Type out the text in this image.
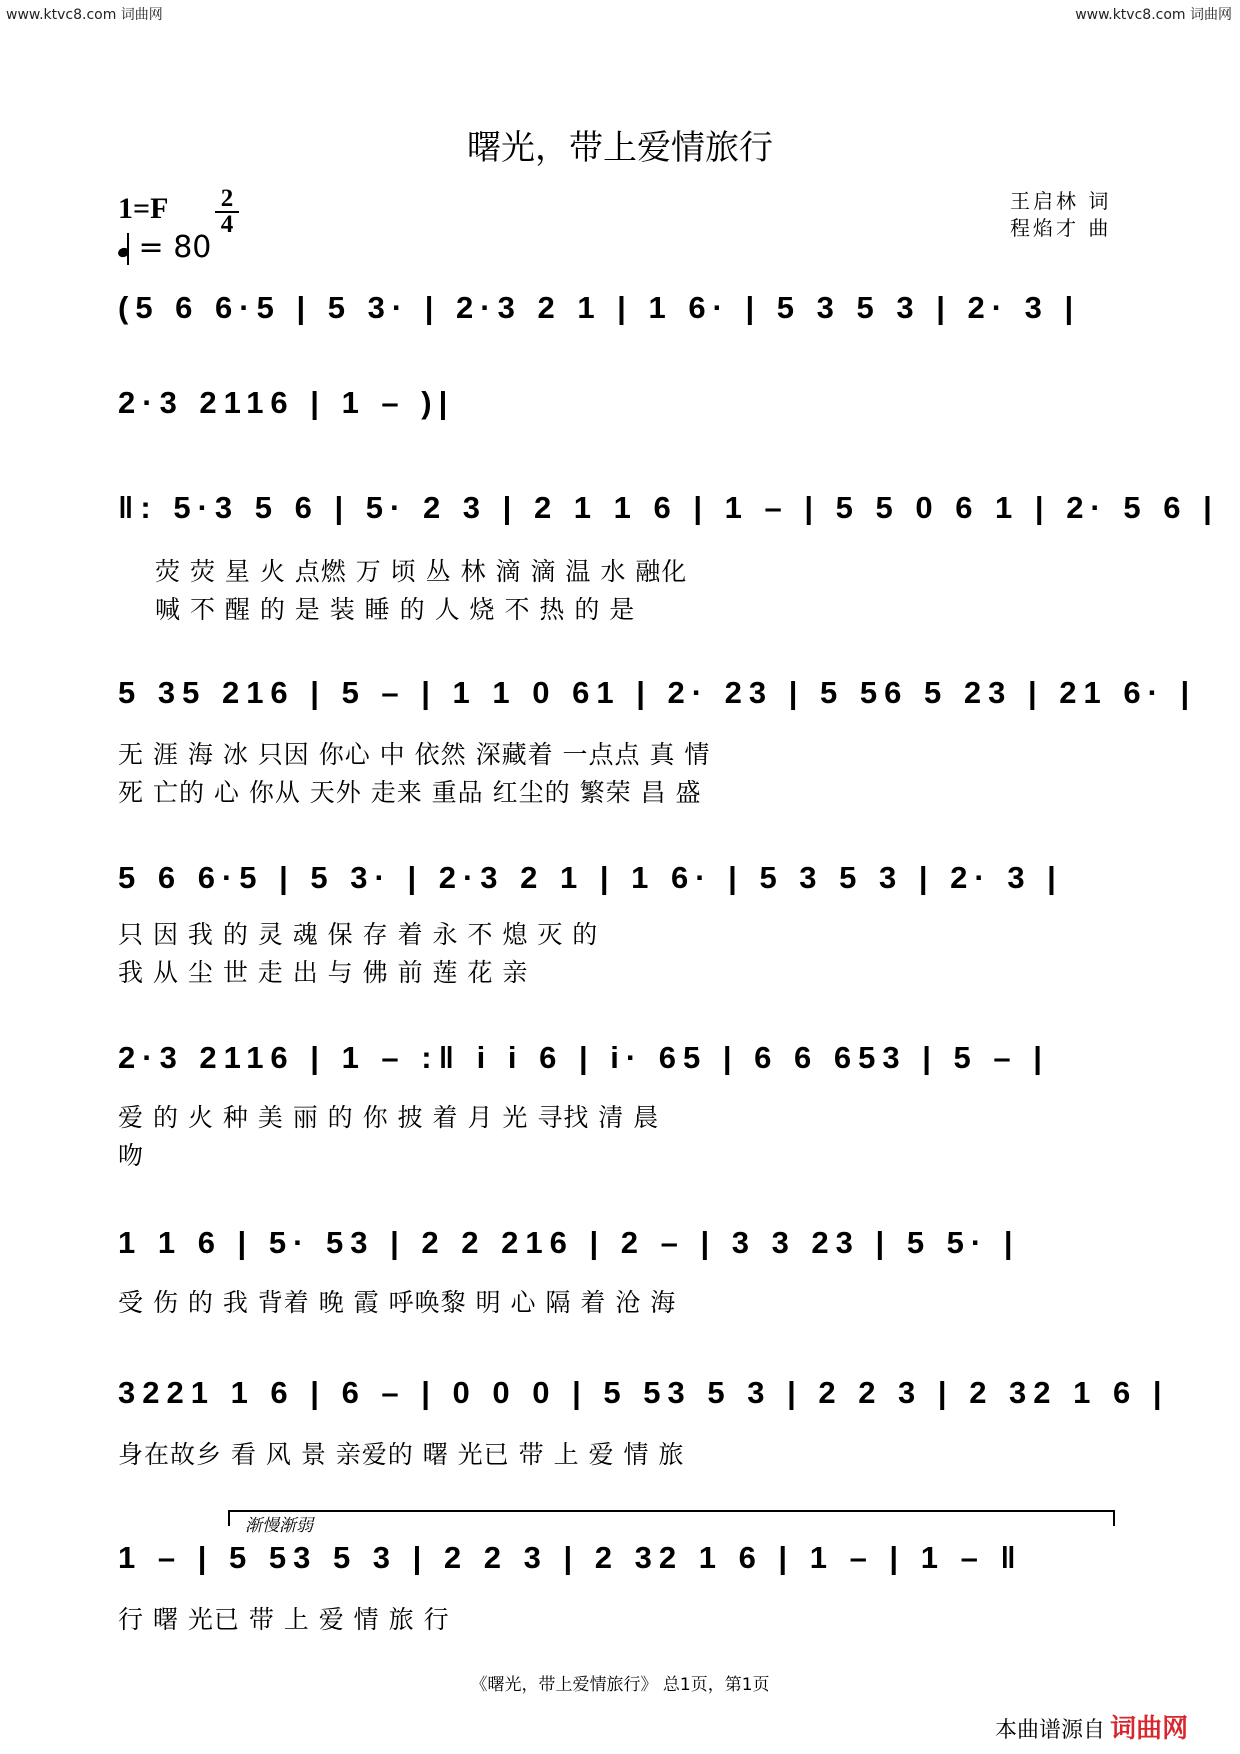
www.ktvc8.com 词曲网	www.ktvc8.com 词曲网
曙光，带上爱情旅行
王启林 词
程焰才 曲
1=F 2
4
= 80
(5 6 6·5 | 5 3· | 2·3 2 1 | 1 6· | 5 3 5 3 | 2· 3 |
2·3 2116 | 1 – )|
‖: 5·3 5 6 | 5· 2 3 | 2 1 1 6 | 1 – | 5 5 0 6 1 | 2· 5 6 |
荧 荧 星 火 点燃 万 顷 丛 林 滴 滴 温 水 融化
喊 不 醒 的 是 装 睡 的 人 烧 不 热 的 是
5 35 216 | 5 – | 1 1 0 61 | 2· 23 | 5 56 5 23 | 21 6· |
无 涯 海 冰 只因 你心 中 依然 深藏着 一点点 真 情
死 亡的 心 你从 天外 走来 重品 红尘的 繁荣 昌 盛
5 6 6·5 | 5 3· | 2·3 2 1 | 1 6· | 5 3 5 3 | 2· 3 |
只 因 我 的 灵 魂 保 存 着 永 不 熄 灭 的
我 从 尘 世 走 出 与 佛 前 莲 花 亲
2·3 2116 | 1 – :‖ i i 6 | i· 65 | 6 6 653 | 5 – |
爱 的 火 种 美 丽 的 你 披 着 月 光 寻找 清 晨
吻
1 1 6 | 5· 53 | 2 2 216 | 2 – | 3 3 23 | 5 5· |
受 伤 的 我 背着 晚 霞 呼唤黎 明 心 隔 着 沧 海
3221 1 6 | 6 – | 0 0 0 | 5 53 5 3 | 2 2 3 | 2 32 1 6 |
身在故乡 看 风 景 亲爱的 曙 光已 带 上 爱 情 旅
渐慢渐弱
1 – | 5 53 5 3 | 2 2 3 | 2 32 1 6 | 1 – | 1 – ‖
行 曙 光已 带 上 爱 情 旅 行
《曙光，带上爱情旅行》 总1页，第1页
本曲谱源自 词曲网
